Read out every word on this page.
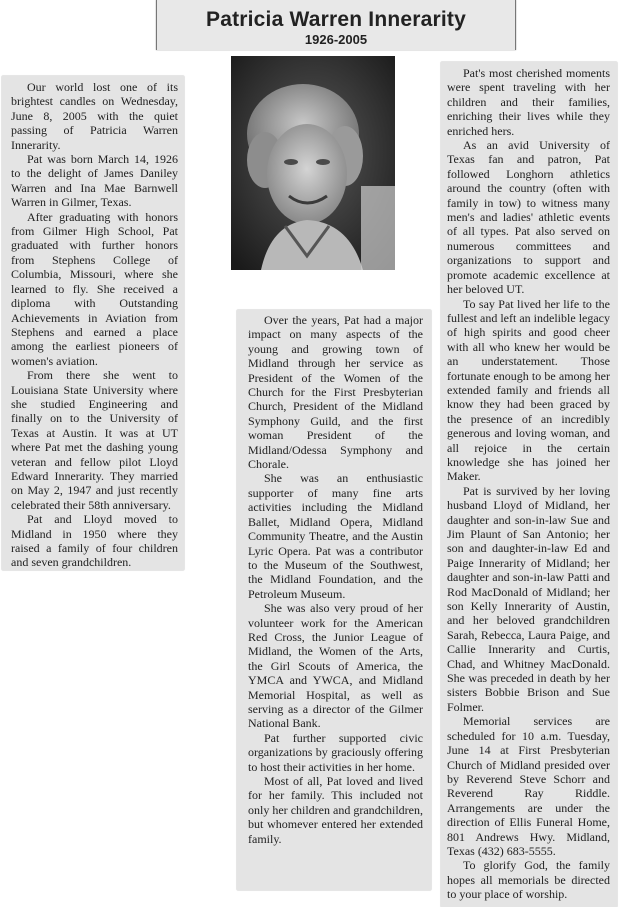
Patricia Warren Innerarity
1926-2005

Our world lost one of its brightest candles on Wednesday, June 8, 2005 with the quiet passing of Patricia Warren Innerarity.

Pat was born March 14, 1926 to the delight of James Daniley Warren and Ina Mae Barnwell Warren in Gilmer, Texas.

After graduating with honors from Gilmer High School, Pat graduated with further honors from Stephens College of Columbia, Missouri, where she learned to fly. She received a diploma with Outstanding Achievements in Aviation from Stephens and earned a place among the earliest pioneers of women's aviation.

From there she went to Louisiana State University where she studied Engineering and finally on to the University of Texas at Austin. It was at UT where Pat met the dashing young veteran and fellow pilot Lloyd Edward Innerarity. They married on May 2, 1947 and just recently celebrated their 58th anniversary.

Pat and Lloyd moved to Midland in 1950 where they raised a family of four children and seven grandchildren.

Over the years, Pat had a major impact on many aspects of the young and growing town of Midland through her service as President of the Women of the Church for the First Presbyterian Church, President of the Midland Symphony Guild, and the first woman President of the Midland/Odessa Symphony and Chorale.

She was an enthusiastic supporter of many fine arts activities including the Midland Ballet, Midland Opera, Midland Community Theatre, and the Austin Lyric Opera. Pat was a contributor to the Museum of the Southwest, the Midland Foundation, and the Petroleum Museum.

She was also very proud of her volunteer work for the American Red Cross, the Junior League of Midland, the Women of the Arts, the Girl Scouts of America, the YMCA and YWCA, and Midland Memorial Hospital, as well as serving as a director of the Gilmer National Bank.

Pat further supported civic organizations by graciously offering to host their activities in her home.

Most of all, Pat loved and lived for her family. This included not only her children and grandchildren, but whomever entered her extended family.

Pat's most cherished moments were spent traveling with her children and their families, enriching their lives while they enriched hers.

As an avid University of Texas fan and patron, Pat followed Longhorn athletics around the country (often with family in tow) to witness many men's and ladies' athletic events of all types. Pat also served on numerous committees and organizations to support and promote academic excellence at her beloved UT.

To say Pat lived her life to the fullest and left an indelible legacy of high spirits and good cheer with all who knew her would be an understatement. Those fortunate enough to be among her extended family and friends all know they had been graced by the presence of an incredibly generous and loving woman, and all rejoice in the certain knowledge she has joined her Maker.

Pat is survived by her loving husband Lloyd of Midland, her daughter and son-in-law Sue and Jim Plaunt of San Antonio; her son and daughter-in-law Ed and Paige Innerarity of Midland; her daughter and son-in-law Patti and Rod MacDonald of Midland; her son Kelly Innerarity of Austin, and her beloved grandchildren Sarah, Rebecca, Laura Paige, and Callie Innerarity and Curtis, Chad, and Whitney MacDonald. She was preceded in death by her sisters Bobbie Brison and Sue Folmer.

Memorial services are scheduled for 10 a.m. Tuesday, June 14 at First Presbyterian Church of Midland presided over by Reverend Steve Schorr and Reverend Ray Riddle. Arrangements are under the direction of Ellis Funeral Home, 801 Andrews Hwy. Midland, Texas (432) 683-5555.

To glorify God, the family hopes all memorials be directed to your place of worship.
